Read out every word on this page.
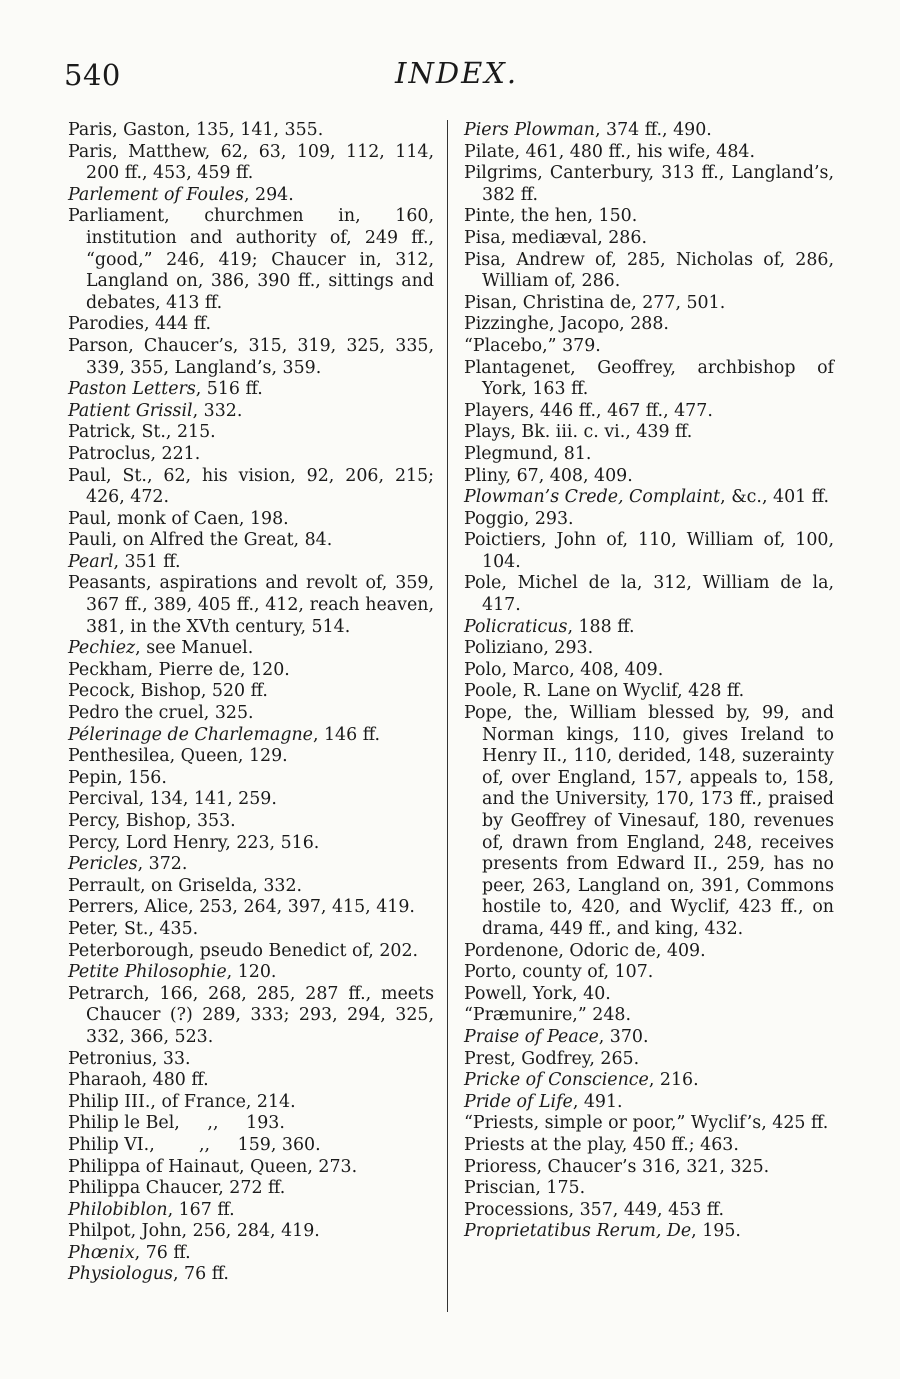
540	INDEX.
Paris, Gaston, 135, 141, 355.
Paris, Matthew, 62, 63, 109, 112, 114, 200 ff., 453, 459 ff.
Parlement of Foules, 294.
Parliament, churchmen in, 160, institution and authority of, 249 ff., “good,” 246, 419; Chaucer in, 312, Langland on, 386, 390 ff., sittings and debates, 413 ff.
Parodies, 444 ff.
Parson, Chaucer’s, 315, 319, 325, 335, 339, 355, Langland’s, 359.
Paston Letters, 516 ff.
Patient Grissil, 332.
Patrick, St., 215.
Patroclus, 221.
Paul, St., 62, his vision, 92, 206, 215; 426, 472.
Paul, monk of Caen, 198.
Pauli, on Alfred the Great, 84.
Pearl, 351 ff.
Peasants, aspirations and revolt of, 359, 367 ff., 389, 405 ff., 412, reach heaven, 381, in the XVth century, 514.
Pechiez, see Manuel.
Peckham, Pierre de, 120.
Pecock, Bishop, 520 ff.
Pedro the cruel, 325.
Pélerinage de Charlemagne, 146 ff.
Penthesilea, Queen, 129.
Pepin, 156.
Percival, 134, 141, 259.
Percy, Bishop, 353.
Percy, Lord Henry, 223, 516.
Pericles, 372.
Perrault, on Griselda, 332.
Perrers, Alice, 253, 264, 397, 415, 419.
Peter, St., 435.
Peterborough, pseudo Benedict of, 202.
Petite Philosophie, 120.
Petrarch, 166, 268, 285, 287 ff., meets Chaucer (?) 289, 333; 293, 294, 325, 332, 366, 523.
Petronius, 33.
Pharaoh, 480 ff.
Philip III., of France, 214.
Philip le Bel,     ,,     193.
Philip VI.,        ,,     159, 360.
Philippa of Hainaut, Queen, 273.
Philippa Chaucer, 272 ff.
Philobiblon, 167 ff.
Philpot, John, 256, 284, 419.
Phœnix, 76 ff.
Physiologus, 76 ff.
Piers Plowman, 374 ff., 490.
Pilate, 461, 480 ff., his wife, 484.
Pilgrims, Canterbury, 313 ff., Langland’s, 382 ff.
Pinte, the hen, 150.
Pisa, mediæval, 286.
Pisa, Andrew of, 285, Nicholas of, 286, William of, 286.
Pisan, Christina de, 277, 501.
Pizzinghe, Jacopo, 288.
“Placebo,” 379.
Plantagenet, Geoffrey, archbishop of York, 163 ff.
Players, 446 ff., 467 ff., 477.
Plays, Bk. iii. c. vi., 439 ff.
Plegmund, 81.
Pliny, 67, 408, 409.
Plowman’s Crede, Complaint, &c., 401 ff.
Poggio, 293.
Poictiers, John of, 110, William of, 100, 104.
Pole, Michel de la, 312, William de la, 417.
Policraticus, 188 ff.
Poliziano, 293.
Polo, Marco, 408, 409.
Poole, R. Lane on Wyclif, 428 ff.
Pope, the, William blessed by, 99, and Norman kings, 110, gives Ireland to Henry II., 110, derided, 148, suzerainty of, over England, 157, appeals to, 158, and the University, 170, 173 ff., praised by Geoffrey of Vinesauf, 180, revenues of, drawn from England, 248, receives presents from Edward II., 259, has no peer, 263, Langland on, 391, Commons hostile to, 420, and Wyclif, 423 ff., on drama, 449 ff., and king, 432.
Pordenone, Odoric de, 409.
Porto, county of, 107.
Powell, York, 40.
“Præmunire,” 248.
Praise of Peace, 370.
Prest, Godfrey, 265.
Pricke of Conscience, 216.
Pride of Life, 491.
“Priests, simple or poor,” Wyclif’s, 425 ff.
Priests at the play, 450 ff.; 463.
Prioress, Chaucer’s 316, 321, 325.
Priscian, 175.
Processions, 357, 449, 453 ff.
Proprietatibus Rerum, De, 195.
